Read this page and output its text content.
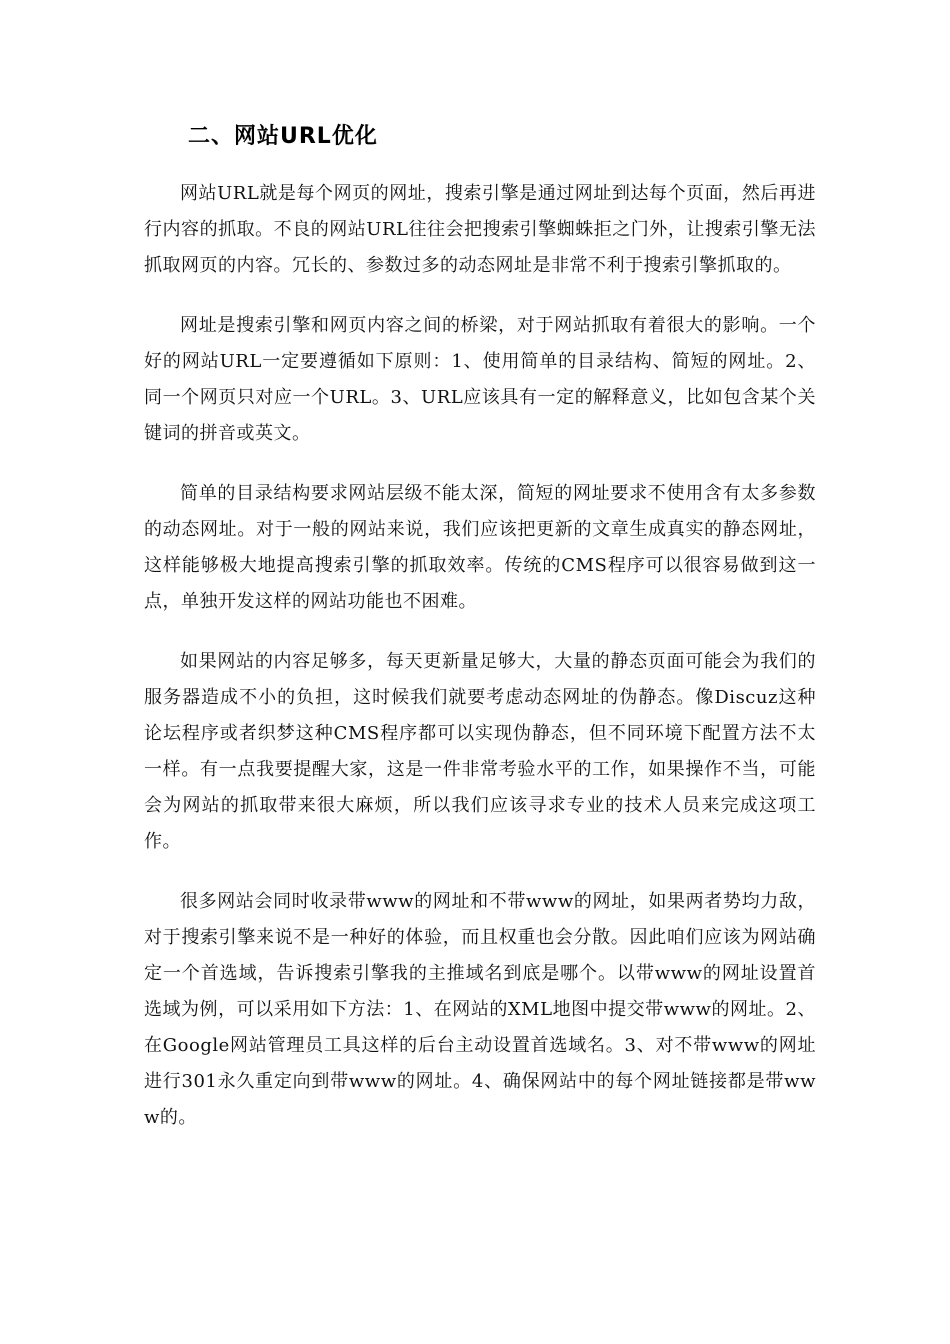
二、网站URL优化

网站URL就是每个网页的网址，搜索引擎是通过网址到达每个页面，然后再进行内容的抓取。不良的网站URL往往会把搜索引擎蜘蛛拒之门外，让搜索引擎无法抓取网页的内容。冗长的、参数过多的动态网址是非常不利于搜索引擎抓取的。

网址是搜索引擎和网页内容之间的桥梁，对于网站抓取有着很大的影响。一个好的网站URL一定要遵循如下原则：1、使用简单的目录结构、简短的网址。2、同一个网页只对应一个URL。3、URL应该具有一定的解释意义，比如包含某个关键词的拼音或英文。

简单的目录结构要求网站层级不能太深，简短的网址要求不使用含有太多参数的动态网址。对于一般的网站来说，我们应该把更新的文章生成真实的静态网址，这样能够极大地提高搜索引擎的抓取效率。传统的CMS程序可以很容易做到这一点，单独开发这样的网站功能也不困难。

如果网站的内容足够多，每天更新量足够大，大量的静态页面可能会为我们的服务器造成不小的负担，这时候我们就要考虑动态网址的伪静态。像Discuz这种论坛程序或者织梦这种CMS程序都可以实现伪静态，但不同环境下配置方法不太一样。有一点我要提醒大家，这是一件非常考验水平的工作，如果操作不当，可能会为网站的抓取带来很大麻烦，所以我们应该寻求专业的技术人员来完成这项工作。

很多网站会同时收录带www的网址和不带www的网址，如果两者势均力敌，对于搜索引擎来说不是一种好的体验，而且权重也会分散。因此咱们应该为网站确定一个首选域，告诉搜索引擎我的主推域名到底是哪个。以带www的网址设置首选域为例，可以采用如下方法：1、在网站的XML地图中提交带www的网址。2、在Google网站管理员工具这样的后台主动设置首选域名。3、对不带www的网址进行301永久重定向到带www的网址。4、确保网站中的每个网址链接都是带www的。
